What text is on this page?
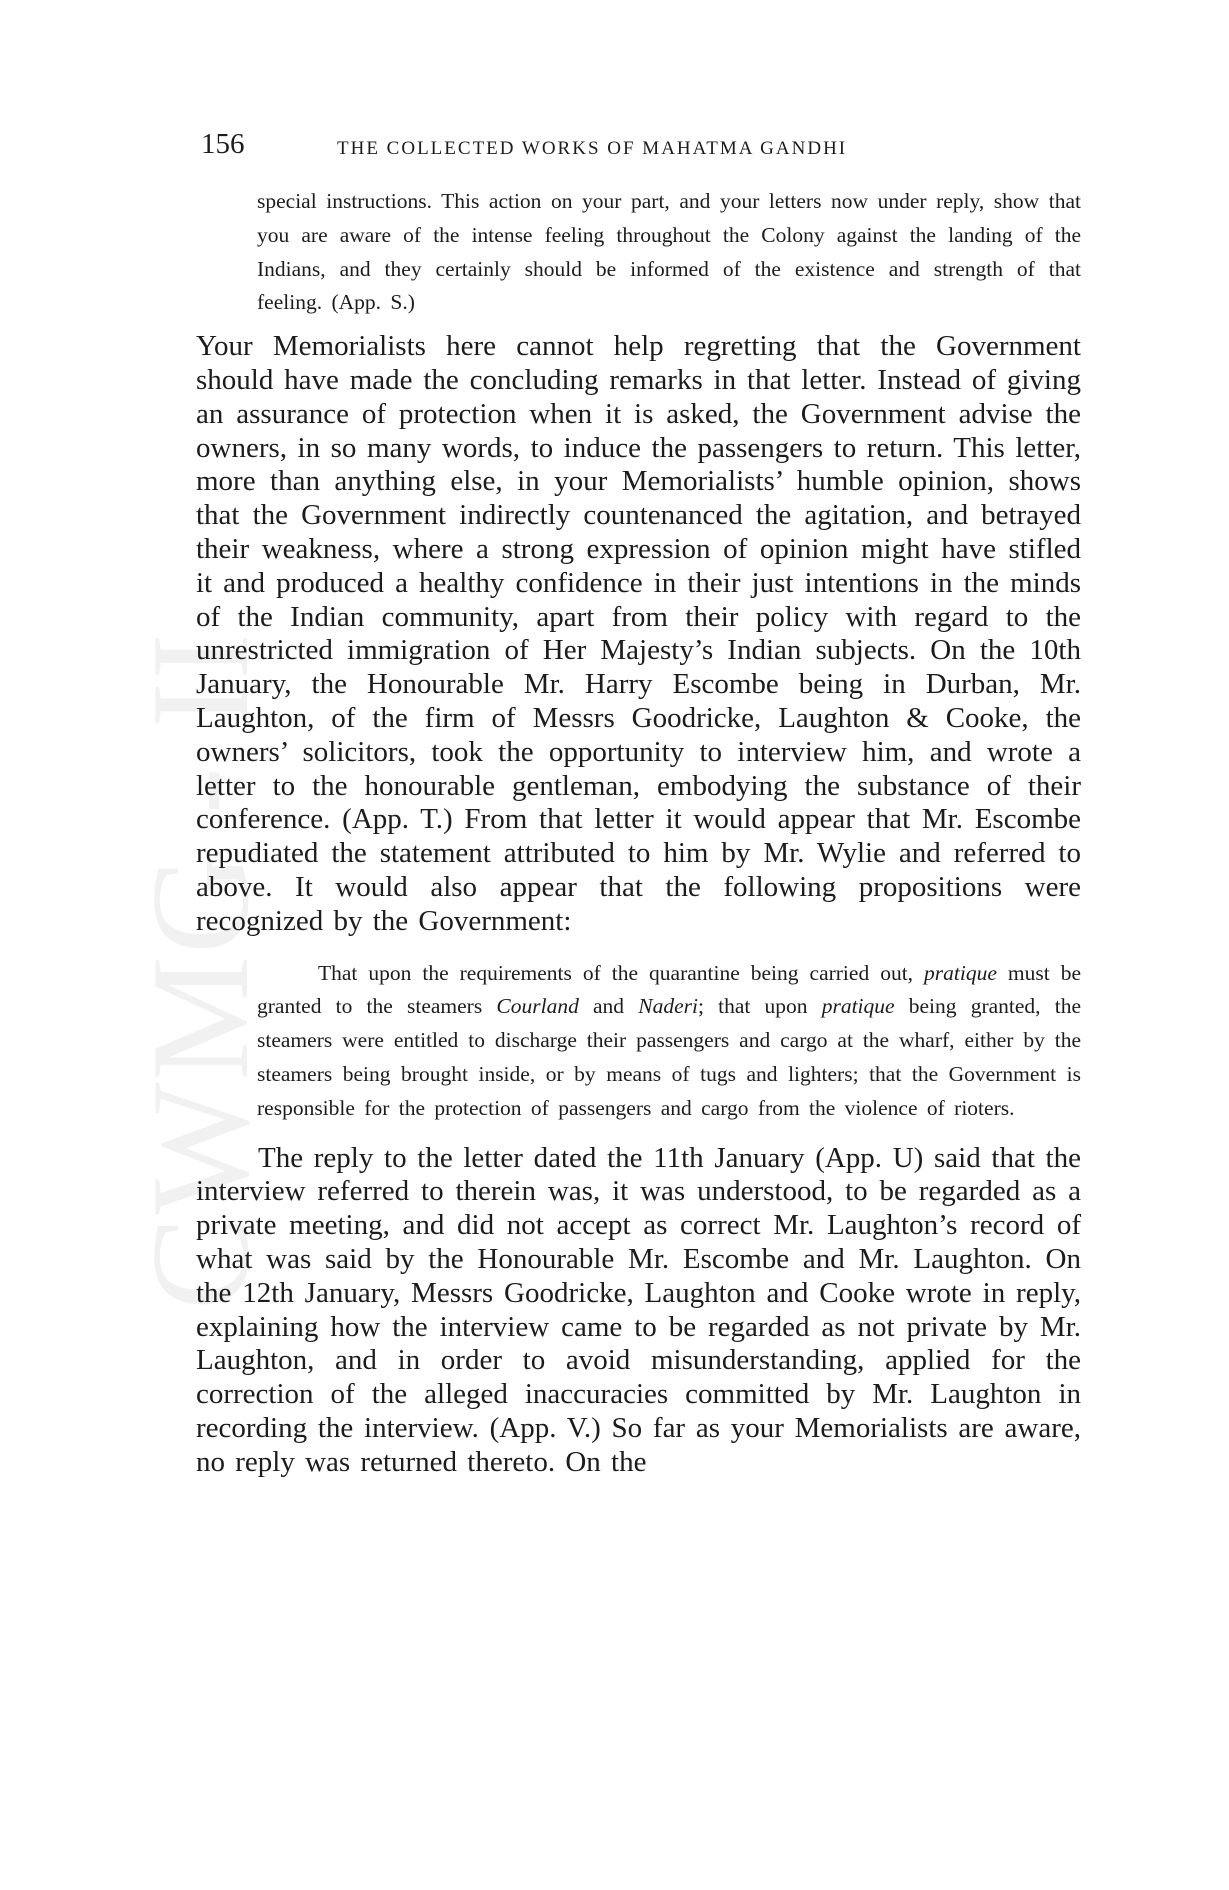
CWMG - II
156	THE COLLECTED WORKS OF MAHATMA GANDHI

special instructions. This action on your part, and your letters now under reply, show that you are aware of the intense feeling throughout the Colony against the landing of the Indians, and they certainly should be informed of the existence and strength of that feeling. (App. S.)

Your Memorialists here cannot help regretting that the Government should have made the concluding remarks in that letter. Instead of giving an assurance of protection when it is asked, the Government advise the owners, in so many words, to induce the passengers to return. This letter, more than anything else, in your Memorialists’ humble opinion, shows that the Government indirectly countenanced the agitation, and betrayed their weakness, where a strong expression of opinion might have stifled it and produced a healthy confidence in their just intentions in the minds of the Indian community, apart from their policy with regard to the unrestricted immigration of Her Majesty’s Indian subjects. On the 10th January, the Honourable Mr. Harry Escombe being in Durban, Mr. Laughton, of the firm of Messrs Goodricke, Laughton & Cooke, the owners’ solicitors, took the opportunity to interview him, and wrote a letter to the honourable gentleman, embodying the substance of their conference. (App. T.) From that letter it would appear that Mr. Escombe repudiated the statement attributed to him by Mr. Wylie and referred to above. It would also appear that the following propositions were recognized by the Government:

That upon the requirements of the quarantine being carried out, pratique must be granted to the steamers Courland and Naderi; that upon pratique being granted, the steamers were entitled to discharge their passengers and cargo at the wharf, either by the steamers being brought inside, or by means of tugs and lighters; that the Government is responsible for the protection of passengers and cargo from the violence of rioters.

The reply to the letter dated the 11th January (App. U) said that the interview referred to therein was, it was understood, to be regarded as a private meeting, and did not accept as correct Mr. Laughton’s record of what was said by the Honourable Mr. Escombe and Mr. Laughton. On the 12th January, Messrs Goodricke, Laughton and Cooke wrote in reply, explaining how the interview came to be regarded as not private by Mr. Laughton, and in order to avoid misunderstanding, applied for the correction of the alleged inaccuracies committed by Mr. Laughton in recording the interview. (App. V.) So far as your Memorialists are aware, no reply was returned thereto. On the
